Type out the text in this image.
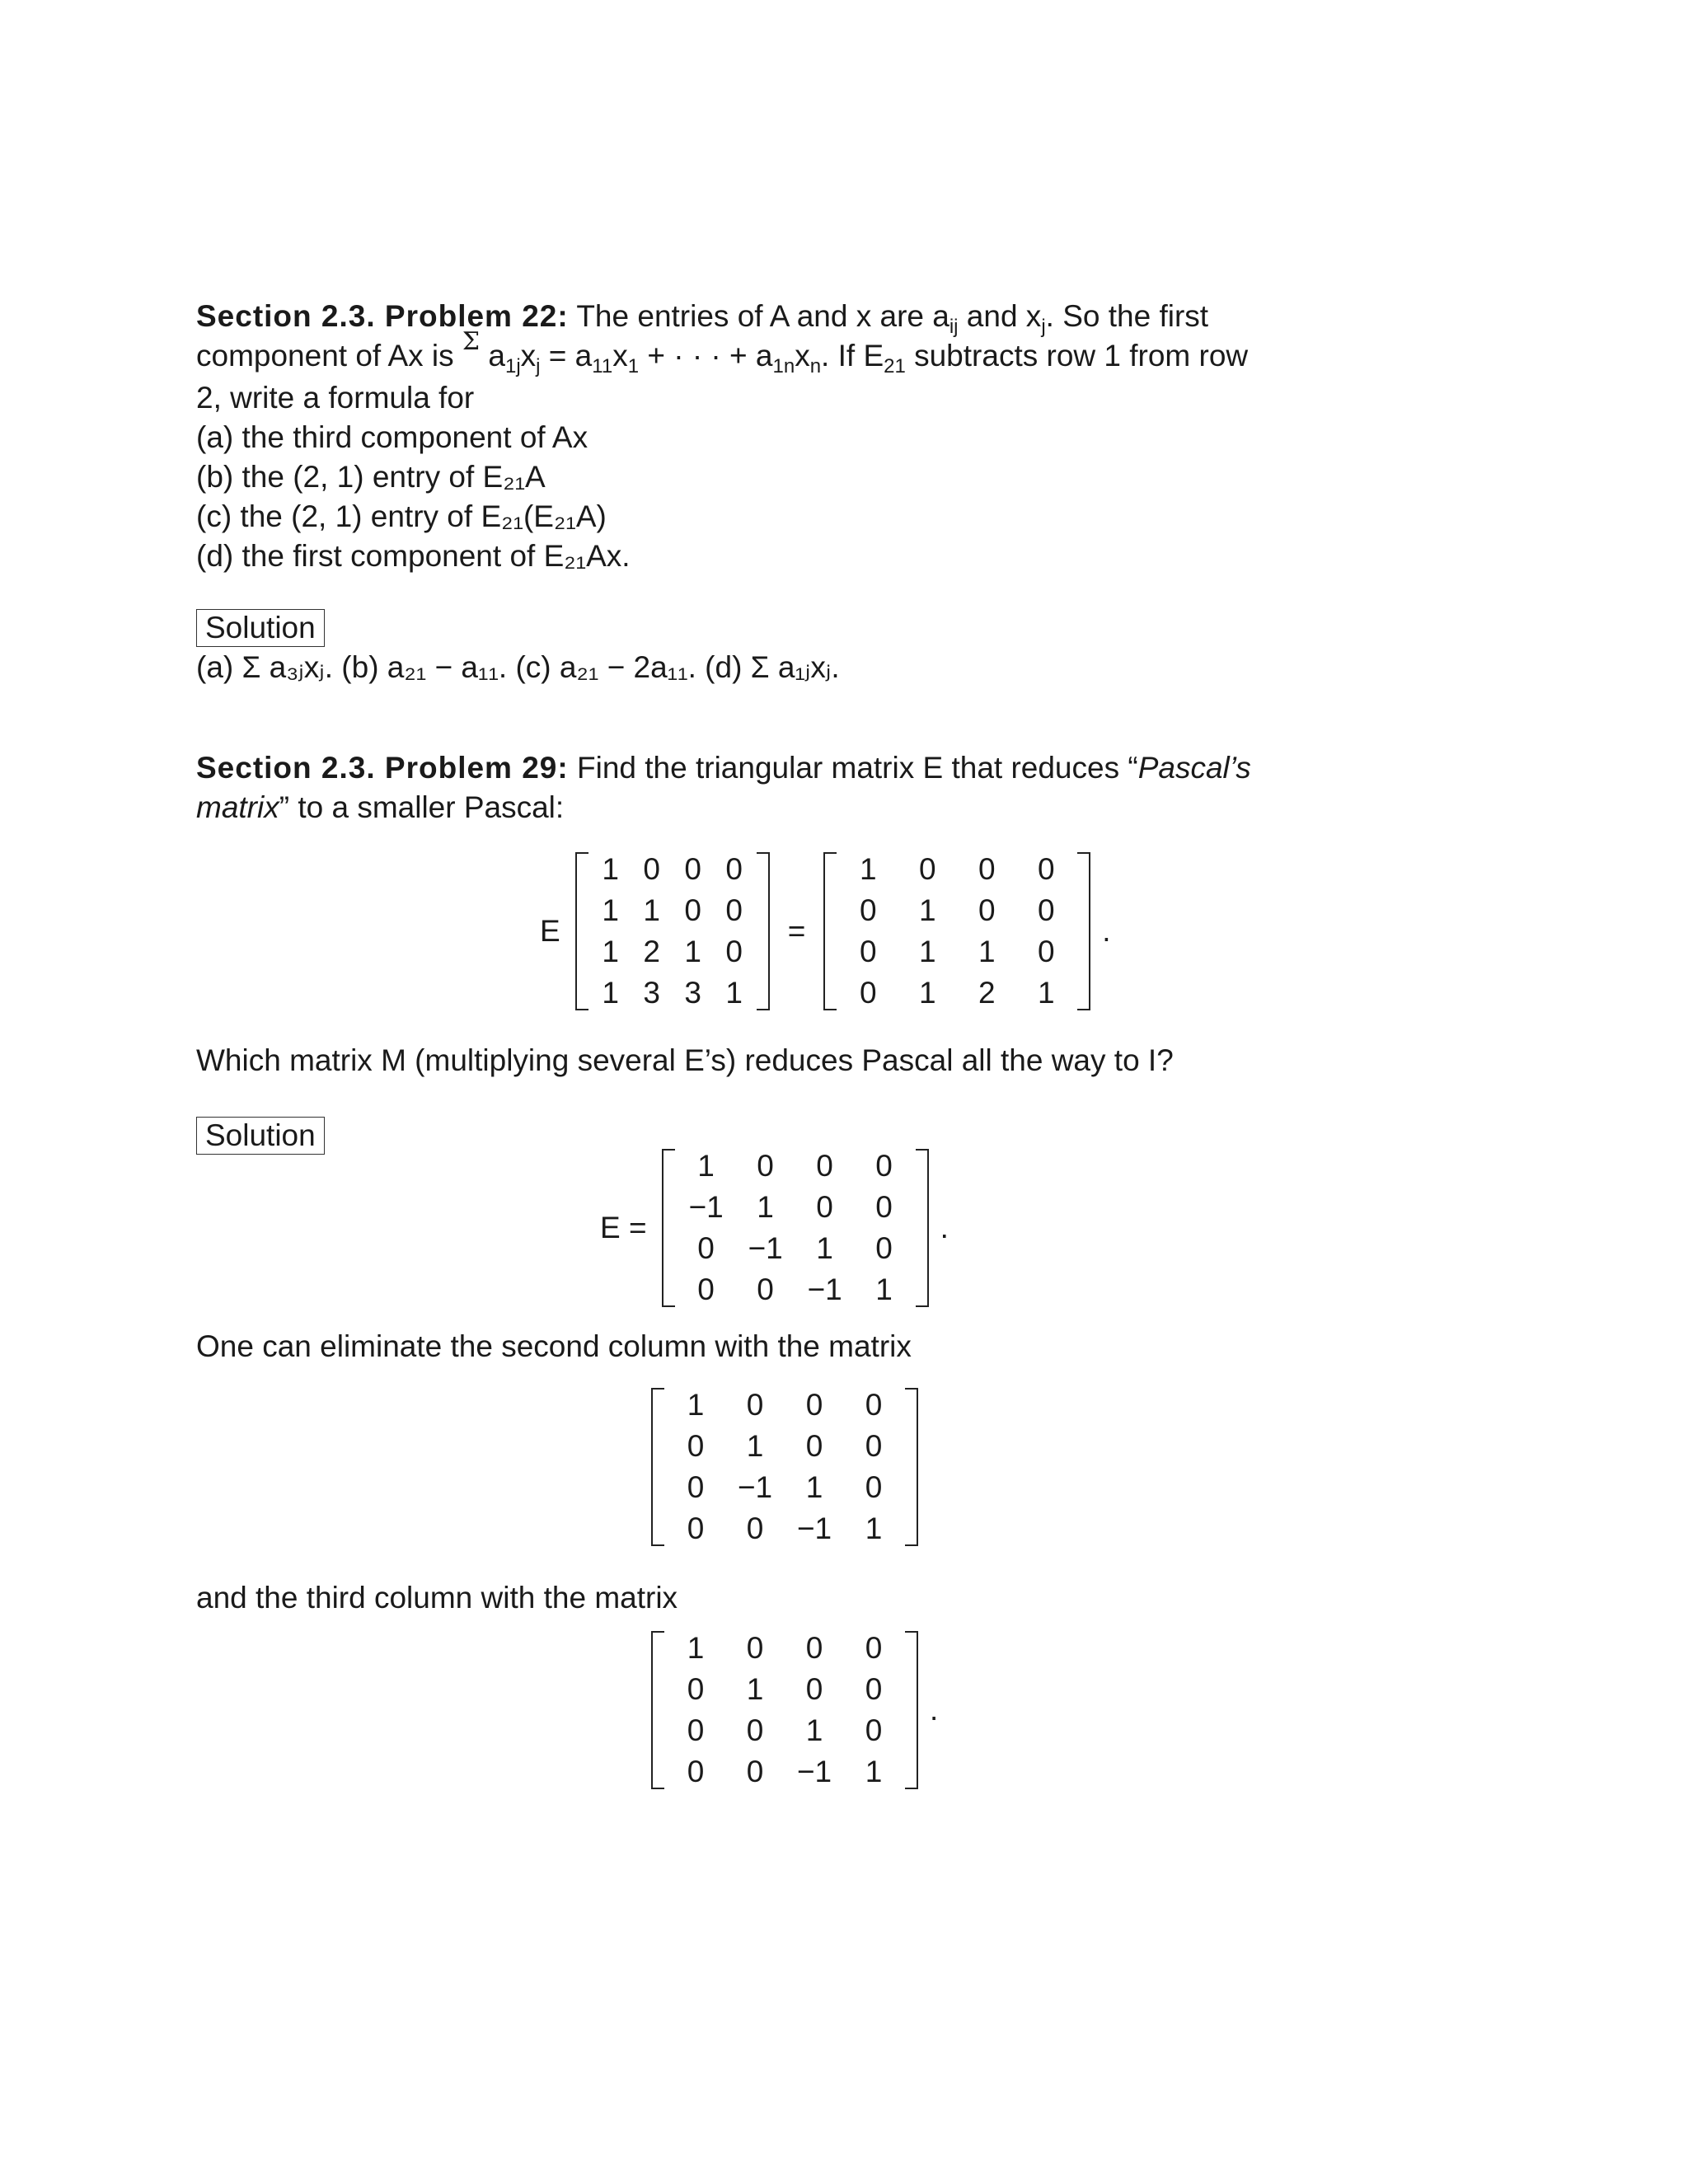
Section 2.3. Problem 22: The entries of A and x are $a_{ij}$ and $x_j$. So the first
component of Ax is Σ $a_{1j}x_j = a_{11}x_1$ + · · · + $a_{1n}x_n$. If $E_{21}$ subtracts row 1 from row
2, write a formula for
(a) the third component of Ax
(b) the (2, 1) entry of E₂₁A
(c) the (2, 1) entry of E₂₁(E₂₁A)
(d) the first component of E₂₁Ax.
Solution
(a) Σ a₃ⱼxⱼ. (b) a₂₁ − a₁₁. (c) a₂₁ − 2a₁₁. (d) Σ a₁ⱼxⱼ.
Section 2.3. Problem 29: Find the triangular matrix E that reduces “Pascal’s
matrix” to a smaller Pascal:
E
1	0	0	0
1	1	0	0
1	2	1	0
1	3	3	1
=
1	0	0	0
0	1	0	0
0	1	1	0
0	1	2	1
.
Which matrix M (multiplying several E’s) reduces Pascal all the way to I?
Solution
E =
1	0	0	0
−1	1	0	0
0	−1	1	0
0	0	−1	1
.
One can eliminate the second column with the matrix
1	0	0	0
0	1	0	0
0	−1	1	0
0	0	−1	1
and the third column with the matrix
1	0	0	0
0	1	0	0
0	0	1	0
0	0	−1	1
.
